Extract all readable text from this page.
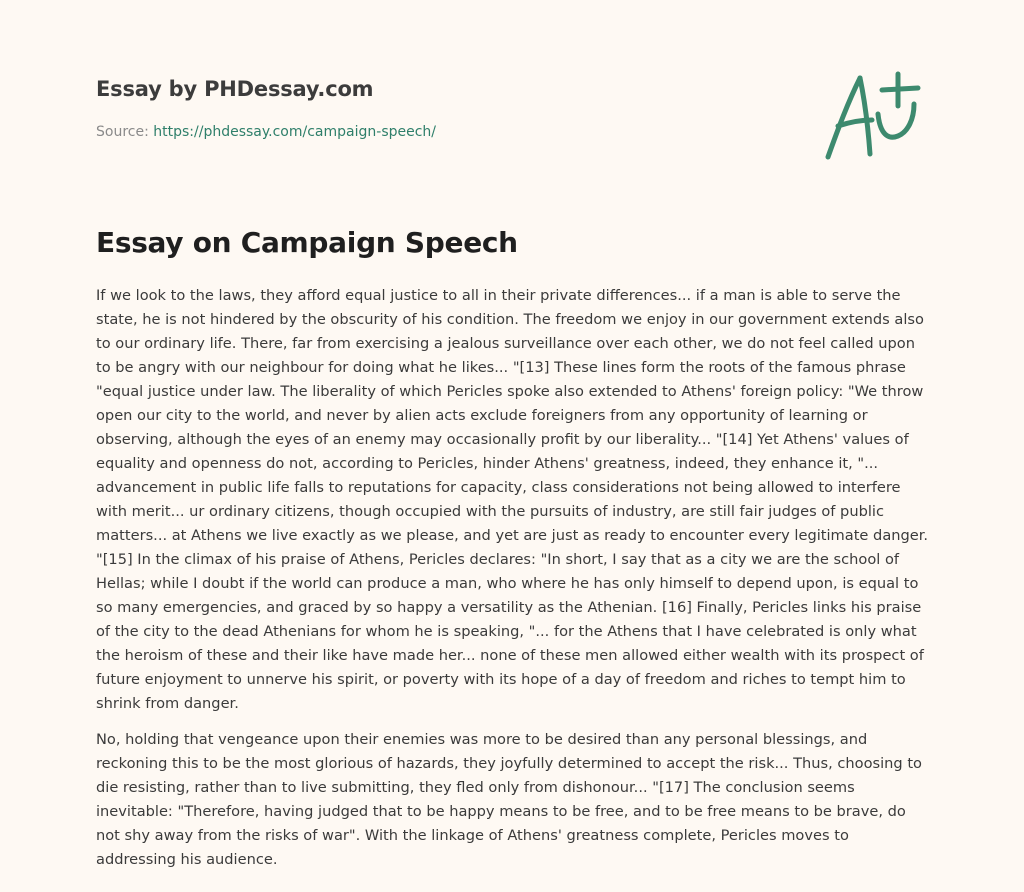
Essay by PHDessay.com

Source: https://phdessay.com/campaign-speech/

Essay on Campaign Speech

If we look to the laws, they afford equal justice to all in their private differences... if a man is able to serve the state, he is not hindered by the obscurity of his condition. The freedom we enjoy in our government extends also to our ordinary life. There, far from exercising a jealous surveillance over each other, we do not feel called upon to be angry with our neighbour for doing what he likes... "[13] These lines form the roots of the famous phrase "equal justice under law. The liberality of which Pericles spoke also extended to Athens' foreign policy: "We throw open our city to the world, and never by alien acts exclude foreigners from any opportunity of learning or observing, although the eyes of an enemy may occasionally profit by our liberality... "[14] Yet Athens' values of equality and openness do not, according to Pericles, hinder Athens' greatness, indeed, they enhance it, "... advancement in public life falls to reputations for capacity, class considerations not being allowed to interfere with merit... ur ordinary citizens, though occupied with the pursuits of industry, are still fair judges of public matters... at Athens we live exactly as we please, and yet are just as ready to encounter every legitimate danger. "[15] In the climax of his praise of Athens, Pericles declares: "In short, I say that as a city we are the school of Hellas; while I doubt if the world can produce a man, who where he has only himself to depend upon, is equal to so many emergencies, and graced by so happy a versatility as the Athenian. [16] Finally, Pericles links his praise of the city to the dead Athenians for whom he is speaking, "... for the Athens that I have celebrated is only what the heroism of these and their like have made her... none of these men allowed either wealth with its prospect of future enjoyment to unnerve his spirit, or poverty with its hope of a day of freedom and riches to tempt him to shrink from danger.

No, holding that vengeance upon their enemies was more to be desired than any personal blessings, and reckoning this to be the most glorious of hazards, they joyfully determined to accept the risk... Thus, choosing to die resisting, rather than to live submitting, they fled only from dishonour... "[17] The conclusion seems inevitable: "Therefore, having judged that to be happy means to be free, and to be free means to be brave, do not shy away from the risks of war". With the linkage of Athens' greatness complete, Pericles moves to addressing his audience.
